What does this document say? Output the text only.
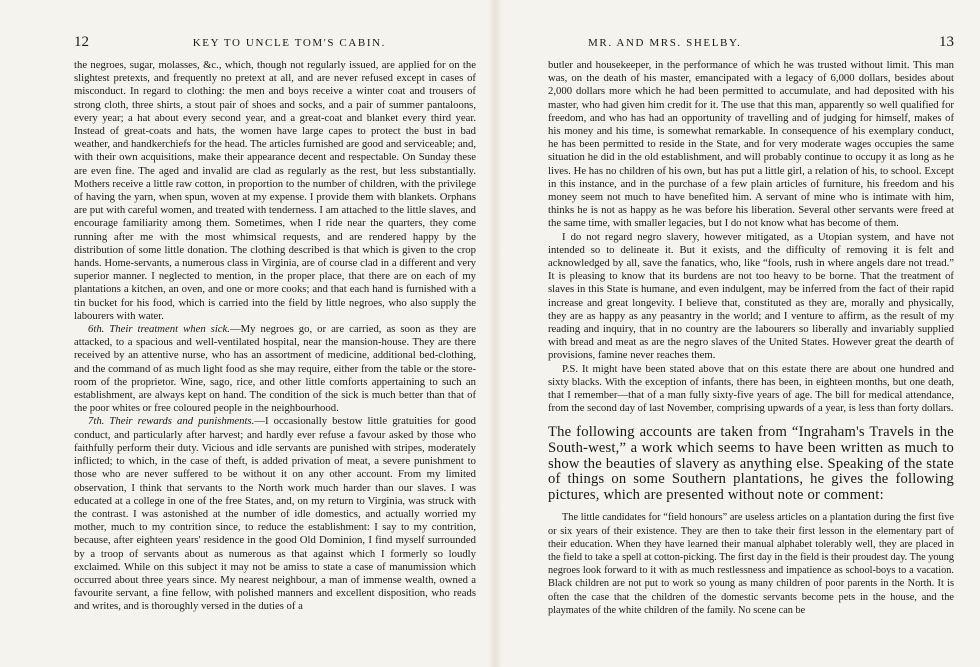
12	KEY TO UNCLE TOM'S CABIN.

the negroes, sugar, molasses, &c., which, though not regularly issued, are applied for on the slightest pretexts, and frequently no pretext at all, and are never refused except in cases of misconduct. In regard to clothing: the men and boys receive a winter coat and trousers of strong cloth, three shirts, a stout pair of shoes and socks, and a pair of summer pantaloons, every year; a hat about every second year, and a great-coat and blanket every third year. Instead of great-coats and hats, the women have large capes to protect the bust in bad weather, and handkerchiefs for the head. The articles furnished are good and serviceable; and, with their own acquisitions, make their appearance decent and respectable. On Sunday these are even fine. The aged and invalid are clad as regularly as the rest, but less substantially. Mothers receive a little raw cotton, in proportion to the number of children, with the privilege of having the yarn, when spun, woven at my expense. I provide them with blankets. Orphans are put with careful women, and treated with tenderness. I am attached to the little slaves, and encourage familiarity among them. Sometimes, when I ride near the quarters, they come running after me with the most whimsical requests, and are rendered happy by the distribution of some little donation. The clothing described is that which is given to the crop hands. Home-servants, a numerous class in Virginia, are of course clad in a different and very superior manner. I neglected to mention, in the proper place, that there are on each of my plantations a kitchen, an oven, and one or more cooks; and that each hand is furnished with a tin bucket for his food, which is carried into the field by little negroes, who also supply the labourers with water.

6th. Their treatment when sick.—My negroes go, or are carried, as soon as they are attacked, to a spacious and well-ventilated hospital, near the mansion-house. They are there received by an attentive nurse, who has an assortment of medicine, additional bed-clothing, and the command of as much light food as she may require, either from the table or the store-room of the proprietor. Wine, sago, rice, and other little comforts appertaining to such an establishment, are always kept on hand. The condition of the sick is much better than that of the poor whites or free coloured people in the neighbourhood.

7th. Their rewards and punishments.—I occasionally bestow little gratuities for good conduct, and particularly after harvest; and hardly ever refuse a favour asked by those who faithfully perform their duty. Vicious and idle servants are punished with stripes, moderately inflicted; to which, in the case of theft, is added privation of meat, a severe punishment to those who are never suffered to be without it on any other account. From my limited observation, I think that servants to the North work much harder than our slaves. I was educated at a college in one of the free States, and, on my return to Virginia, was struck with the contrast. I was astonished at the number of idle domestics, and actually worried my mother, much to my contrition since, to reduce the establishment: I say to my contrition, because, after eighteen years' residence in the good Old Dominion, I find myself surrounded by a troop of servants about as numerous as that against which I formerly so loudly exclaimed. While on this subject it may not be amiss to state a case of manumission which occurred about three years since. My nearest neighbour, a man of immense wealth, owned a favourite servant, a fine fellow, with polished manners and excellent disposition, who reads and writes, and is thoroughly versed in the duties of a

MR. AND MRS. SHELBY.	13

butler and housekeeper, in the performance of which he was trusted without limit. This man was, on the death of his master, emancipated with a legacy of 6,000 dollars, besides about 2,000 dollars more which he had been permitted to accumulate, and had deposited with his master, who had given him credit for it. The use that this man, apparently so well qualified for freedom, and who has had an opportunity of travelling and of judging for himself, makes of his money and his time, is somewhat remarkable. In consequence of his exemplary conduct, he has been permitted to reside in the State, and for very moderate wages occupies the same situation he did in the old establishment, and will probably continue to occupy it as long as he lives. He has no children of his own, but has put a little girl, a relation of his, to school. Except in this instance, and in the purchase of a few plain articles of furniture, his freedom and his money seem not much to have benefited him. A servant of mine who is intimate with him, thinks he is not as happy as he was before his liberation. Several other servants were freed at the same time, with smaller legacies, but I do not know what has become of them.

I do not regard negro slavery, however mitigated, as a Utopian system, and have not intended so to delineate it. But it exists, and the difficulty of removing it is felt and acknowledged by all, save the fanatics, who, like “fools, rush in where angels dare not tread.” It is pleasing to know that its burdens are not too heavy to be borne. That the treatment of slaves in this State is humane, and even indulgent, may be inferred from the fact of their rapid increase and great longevity. I believe that, constituted as they are, morally and physically, they are as happy as any peasantry in the world; and I venture to affirm, as the result of my reading and inquiry, that in no country are the labourers so liberally and invariably supplied with bread and meat as are the negro slaves of the United States. However great the dearth of provisions, famine never reaches them.

P.S. It might have been stated above that on this estate there are about one hundred and sixty blacks. With the exception of infants, there has been, in eighteen months, but one death, that I remember—that of a man fully sixty-five years of age. The bill for medical attendance, from the second day of last November, comprising upwards of a year, is less than forty dollars.

The following accounts are taken from “Ingraham's Travels in the South-west,” a work which seems to have been written as much to show the beauties of slavery as anything else. Speaking of the state of things on some Southern plantations, he gives the following pictures, which are presented without note or comment:

The little candidates for “field honours” are useless articles on a plantation during the first five or six years of their existence. They are then to take their first lesson in the elementary part of their education. When they have learned their manual alphabet tolerably well, they are placed in the field to take a spell at cotton-picking. The first day in the field is their proudest day. The young negroes look forward to it with as much restlessness and impatience as school-boys to a vacation. Black children are not put to work so young as many children of poor parents in the North. It is often the case that the children of the domestic servants become pets in the house, and the playmates of the white children of the family. No scene can be
